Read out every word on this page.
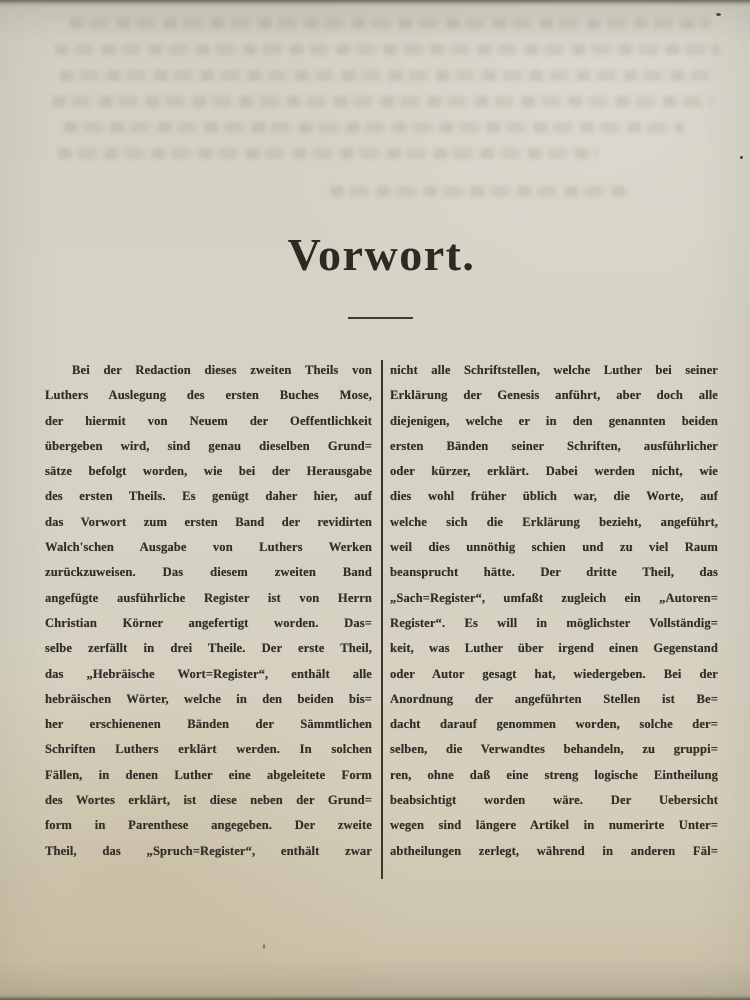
Vorwort.
Bei der Redaction dieses zweiten Theils von
Luthers Auslegung des ersten Buches Mose,
der hiermit von Neuem der Oeffentlichkeit
übergeben wird, sind genau dieselben Grund=
sätze befolgt worden, wie bei der Herausgabe
des ersten Theils. Es genügt daher hier, auf
das Vorwort zum ersten Band der revidirten
Walch'schen Ausgabe von Luthers Werken
zurückzuweisen. Das diesem zweiten Band
angefügte ausführliche Register ist von Herrn
Christian Körner angefertigt worden. Das=
selbe zerfällt in drei Theile. Der erste Theil,
das „Hebräische Wort=Register“, enthält alle
hebräischen Wörter, welche in den beiden bis=
her erschienenen Bänden der Sämmtlichen
Schriften Luthers erklärt werden. In solchen
Fällen, in denen Luther eine abgeleitete Form
des Wortes erklärt, ist diese neben der Grund=
form in Parenthese angegeben. Der zweite
Theil, das „Spruch=Register“, enthält zwar
nicht alle Schriftstellen, welche Luther bei seiner
Erklärung der Genesis anführt, aber doch alle
diejenigen, welche er in den genannten beiden
ersten Bänden seiner Schriften, ausführlicher
oder kürzer, erklärt. Dabei werden nicht, wie
dies wohl früher üblich war, die Worte, auf
welche sich die Erklärung bezieht, angeführt,
weil dies unnöthig schien und zu viel Raum
beansprucht hätte. Der dritte Theil, das
„Sach=Register“, umfaßt zugleich ein „Autoren=
Register“. Es will in möglichster Vollständig=
keit, was Luther über irgend einen Gegenstand
oder Autor gesagt hat, wiedergeben. Bei der
Anordnung der angeführten Stellen ist Be=
dacht darauf genommen worden, solche der=
selben, die Verwandtes behandeln, zu gruppi=
ren, ohne daß eine streng logische Eintheilung
beabsichtigt worden wäre. Der Uebersicht
wegen sind längere Artikel in numerirte Unter=
abtheilungen zerlegt, während in anderen Fäl=
